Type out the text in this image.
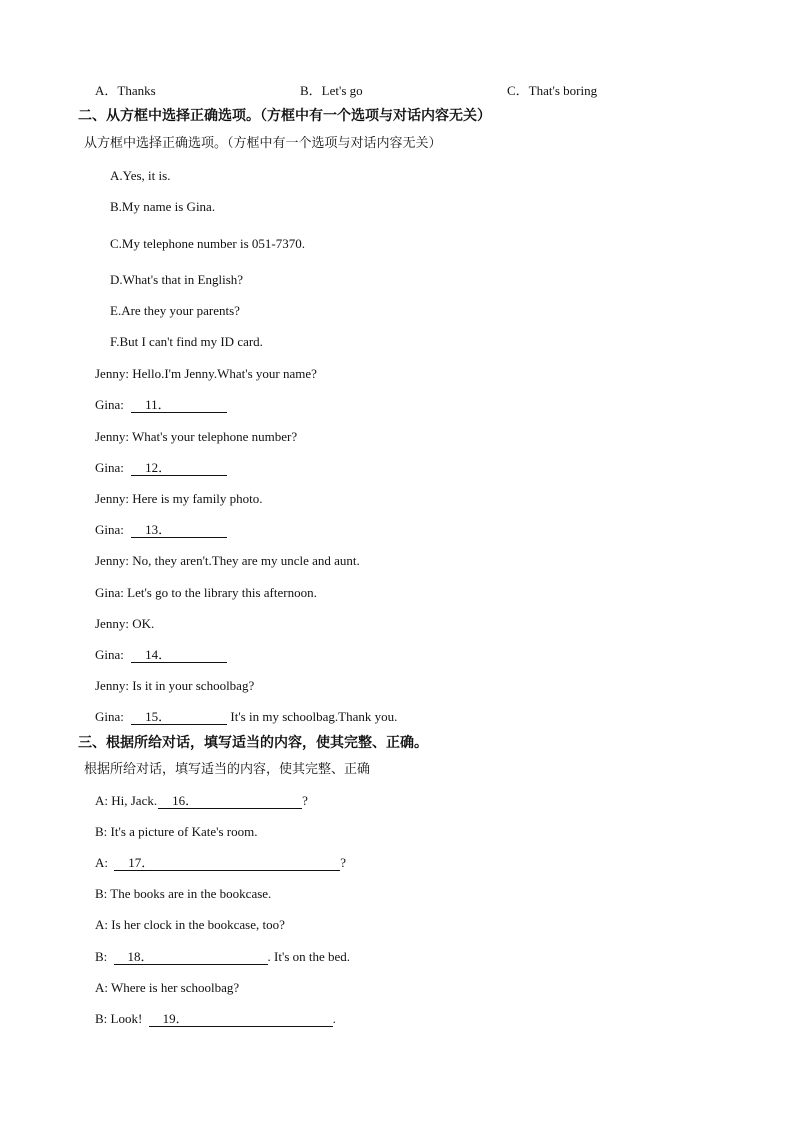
A．Thanks	B．Let's go	C．That's boring
二、从方框中选择正确选项。（方框中有一个选项与对话内容无关）
从方框中选择正确选项。（方框中有一个选项与对话内容无关）
A.Yes, it is.
B.My name is Gina.
C.My telephone number is 051-7370.
D.What's that in English?
E.Are they your parents?
F.But I can't find my ID card.
Jenny: Hello.I'm Jenny.What's your name?
Gina: 11．
Jenny: What's your telephone number?
Gina: 12．
Jenny: Here is my family photo.
Gina: 13．
Jenny: No, they aren't.They are my uncle and aunt.
Gina: Let's go to the library this afternoon.
Jenny: OK.
Gina: 14．
Jenny: Is it in your schoolbag?
Gina: 15．	It's in my schoolbag.Thank you.
三、根据所给对话，填写适当的内容，使其完整、正确。
根据所给对话，填写适当的内容，使其完整、正确
A: Hi, Jack. 16．	?
B: It's a picture of Kate's room.
A: 17．	?
B: The books are in the bookcase.
A: Is her clock in the bookcase, too?
B: 18．	. It's on the bed.
A: Where is her schoolbag?
B: Look! 19．	.
